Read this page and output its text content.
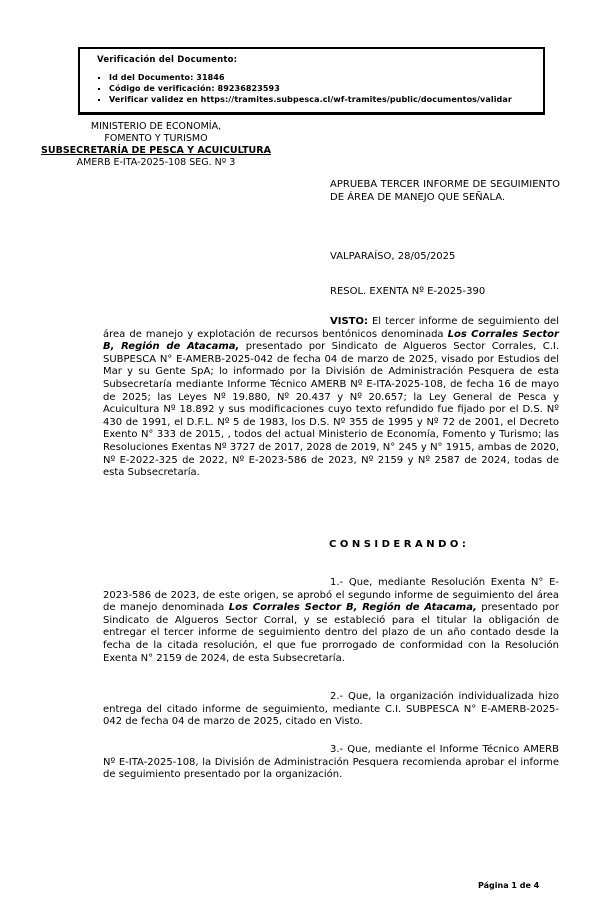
Verificación del Documento:
▪ Id del Documento: 31846
▪ Código de verificación: 89236823593
▪ Verificar validez en https://tramites.subpesca.cl/wf-tramites/public/documentos/validar
MINISTERIO DE ECONOMÍA,
FOMENTO Y TURISMO
SUBSECRETARÍA DE PESCA Y ACUICULTURA
AMERB E-ITA-2025-108 SEG. Nº 3
APRUEBA TERCER INFORME DE SEGUIMIENTO DE ÁREA DE MANEJO QUE SEÑALA.
VALPARAÍSO, 28/05/2025
RESOL. EXENTA Nº E-2025-390
VISTO: El tercer informe de seguimiento del área de manejo y explotación de recursos bentónicos denominada Los Corrales Sector B, Región de Atacama, presentado por Sindicato de Algueros Sector Corrales, C.I. SUBPESCA N° E-AMERB-2025-042 de fecha 04 de marzo de 2025, visado por Estudios del Mar y su Gente SpA; lo informado por la División de Administración Pesquera de esta Subsecretaría mediante Informe Técnico AMERB Nº E-ITA-2025-108, de fecha 16 de mayo de 2025; las Leyes Nº 19.880, Nº 20.437 y Nº 20.657; la Ley General de Pesca y Acuicultura Nº 18.892 y sus modificaciones cuyo texto refundido fue fijado por el D.S. Nº 430 de 1991, el D.F.L. Nº 5 de 1983, los D.S. Nº 355 de 1995 y Nº 72 de 2001, el Decreto Exento N° 333 de 2015, , todos del actual Ministerio de Economía, Fomento y Turismo; las Resoluciones Exentas Nº 3727 de 2017, 2028 de 2019, N° 245 y N° 1915, ambas de 2020, Nº E-2022-325 de 2022, Nº E-2023-586 de 2023, Nº 2159 y Nº 2587 de 2024, todas de esta Subsecretaría.
CONSIDERANDO:
1.- Que, mediante Resolución Exenta N° E-2023-586 de 2023, de este origen, se aprobó el segundo informe de seguimiento del área de manejo denominada Los Corrales Sector B, Región de Atacama, presentado por Sindicato de Algueros Sector Corral, y se estableció para el titular la obligación de entregar el tercer informe de seguimiento dentro del plazo de un año contado desde la fecha de la citada resolución, el que fue prorrogado de conformidad con la Resolución Exenta N° 2159 de 2024, de esta Subsecretaría.
2.- Que, la organización individualizada hizo entrega del citado informe de seguimiento, mediante C.I. SUBPESCA N° E-AMERB-2025-042 de fecha 04 de marzo de 2025, citado en Visto.
3.- Que, mediante el Informe Técnico AMERB Nº E-ITA-2025-108, la División de Administración Pesquera recomienda aprobar el informe de seguimiento presentado por la organización.
Página 1 de 4
